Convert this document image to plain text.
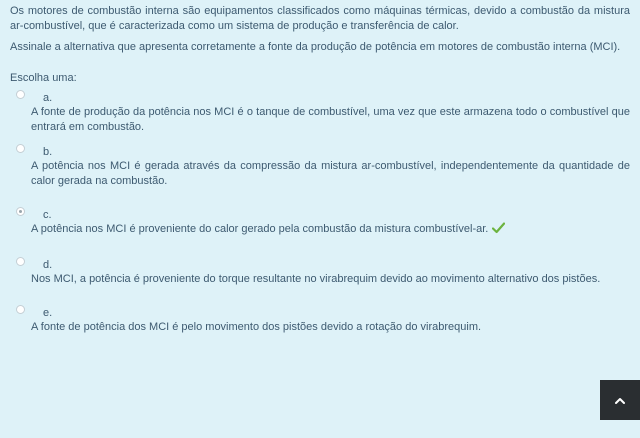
Os motores de combustão interna são equipamentos classificados como máquinas térmicas, devido a combustão da mistura ar-combustível, que é caracterizada como um sistema de produção e transferência de calor.

Assinale a alternativa que apresenta corretamente a fonte da produção de potência em motores de combustão interna (MCI).

Escolha uma:
a.
A fonte de produção da potência nos MCI é o tanque de combustível, uma vez que este armazena todo o combustível que entrará em combustão.
b.
A potência nos MCI é gerada através da compressão da mistura ar-combustível, independentemente da quantidade de calor gerada na combustão.
c.
A potência nos MCI é proveniente do calor gerado pela combustão da mistura combustível-ar.
d.
Nos MCI, a potência é proveniente do torque resultante no virabrequim devido ao movimento alternativo dos pistões.
e.
A fonte de potência dos MCI é pelo movimento dos pistões devido a rotação do virabrequim.
